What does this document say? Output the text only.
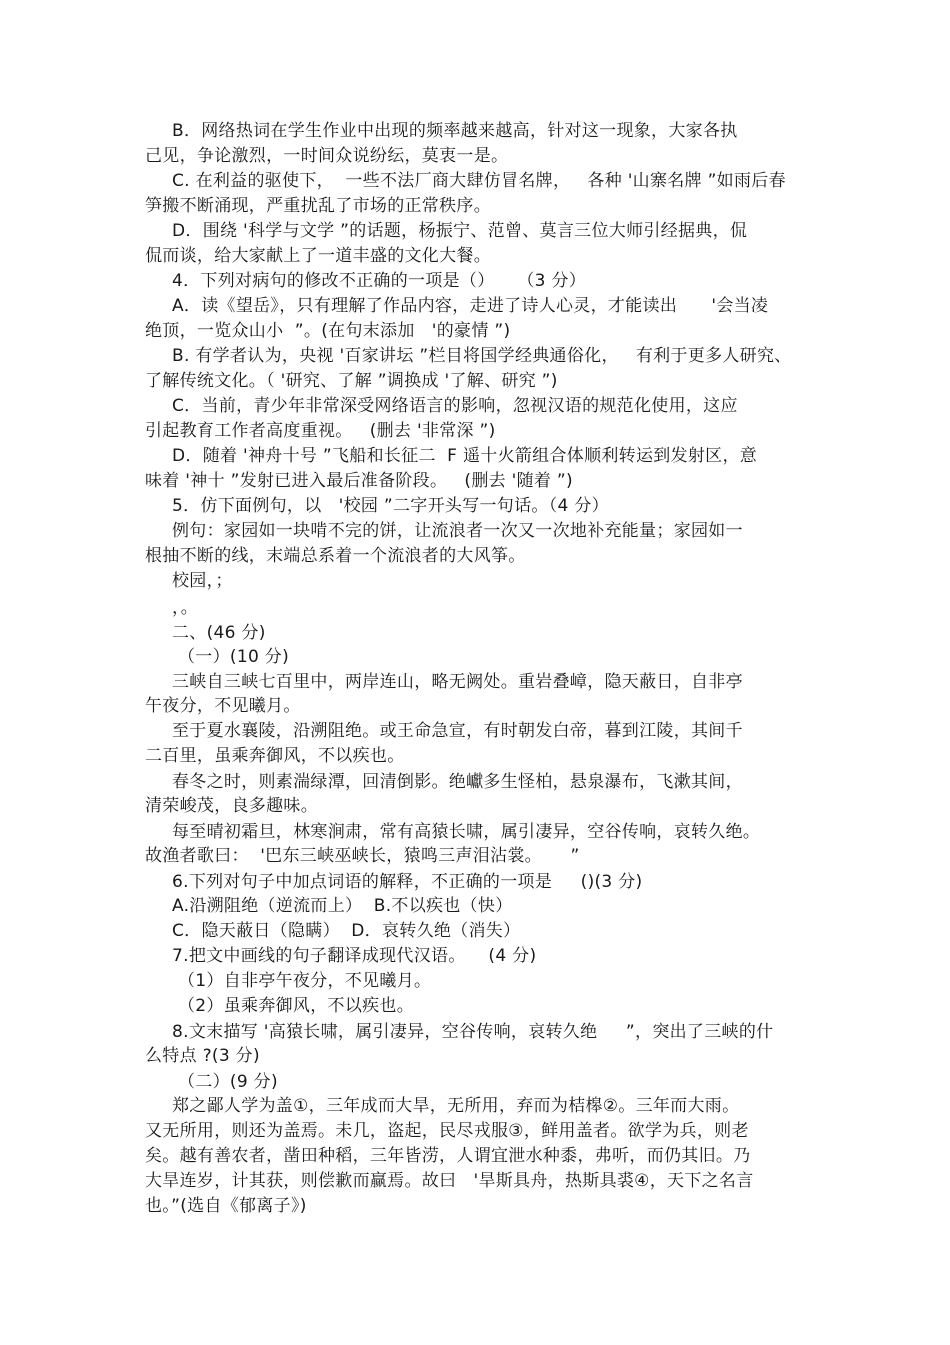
B．网络热词在学生作业中出现的频率越来越高，针对这一现象，大家各执
己见，争论激烈，一时间众说纷纭，莫衷一是。
C. 在利益的驱使下，  一些不法厂商大肆仿冒名牌，   各种 '山寨名牌 ”如雨后春
笋搬不断涌现，严重扰乱了市场的正常秩序。
D．围绕 '科学与文学 ”的话题，杨振宁、范曾、莫言三位大师引经据典，侃
侃而谈，给大家献上了一道丰盛的文化大餐。
4．下列对病句的修改不正确的一项是（）    （3 分）
A．读《望岳》，只有理解了作品内容，走进了诗人心灵，才能读出      '会当凌
绝顶，一览众山小  ”。(在句末添加   '的豪情 ”)
B. 有学者认为，央视 '百家讲坛 ”栏目将国学经典通俗化，   有利于更多人研究、
了解传统文化。（ '研究、了解 ”调换成 '了解、研究 ”)
C．当前，青少年非常深受网络语言的影响，忽视汉语的规范化使用，这应
引起教育工作者高度重视。   (删去 '非常深 ”)
D．随着 '神舟十号 ”飞船和长征二  F 遥十火箭组合体顺利转运到发射区，意
味着 '神十 ”发射已进入最后准备阶段。   (删去 '随着 ”)
5．仿下面例句，以   '校园 ”二字开头写一句话。（4 分）
例句：家园如一块啃不完的饼，让流浪者一次又一次地补充能量；家园如一
根抽不断的线，末端总系着一个流浪者的大风筝。
校园，；
，。
二、(46 分)
（一）(10 分)
三峡自三峡七百里中，两岸连山，略无阙处。重岩叠嶂，隐天蔽日，自非亭
午夜分，不见曦月。
至于夏水襄陵，沿溯阻绝。或王命急宣，有时朝发白帝，暮到江陵，其间千
二百里，虽乘奔御风，不以疾也。
春冬之时，则素湍绿潭，回清倒影。绝巘多生怪柏，悬泉瀑布，飞漱其间，
清荣峻茂，良多趣味。
每至晴初霜旦，林寒涧肃，常有高猿长啸，属引凄异，空谷传响，哀转久绝。
故渔者歌曰：  '巴东三峡巫峡长，猿鸣三声泪沾裳。     ”
6.下列对句子中加点词语的解释，不正确的一项是     ()(3 分)
A.沿溯阻绝（逆流而上）  B.不以疾也（快）
C．隐天蔽日（隐瞒）  D．哀转久绝（消失）
7.把文中画线的句子翻译成现代汉语。    (4 分)
（1）自非亭午夜分，不见曦月。
（2）虽乘奔御风，不以疾也。
8.文末描写 '高猿长啸，属引凄异，空谷传响，哀转久绝     ”，突出了三峡的什
么特点 ?(3 分)
（二）(9 分)
郑之鄙人学为盖①，三年成而大旱，无所用，弃而为桔槔②。三年而大雨。
又无所用，则还为盖焉。未几，盗起，民尽戎服③，鲜用盖者。欲学为兵，则老
矣。越有善农者，凿田种稻，三年皆涝，人谓宜泄水种黍，弗听，而仍其旧。乃
大旱连岁，计其获，则偿歉而赢焉。故曰   '旱斯具舟，热斯具裘④，天下之名言
也。”(选自《郁离子》)
